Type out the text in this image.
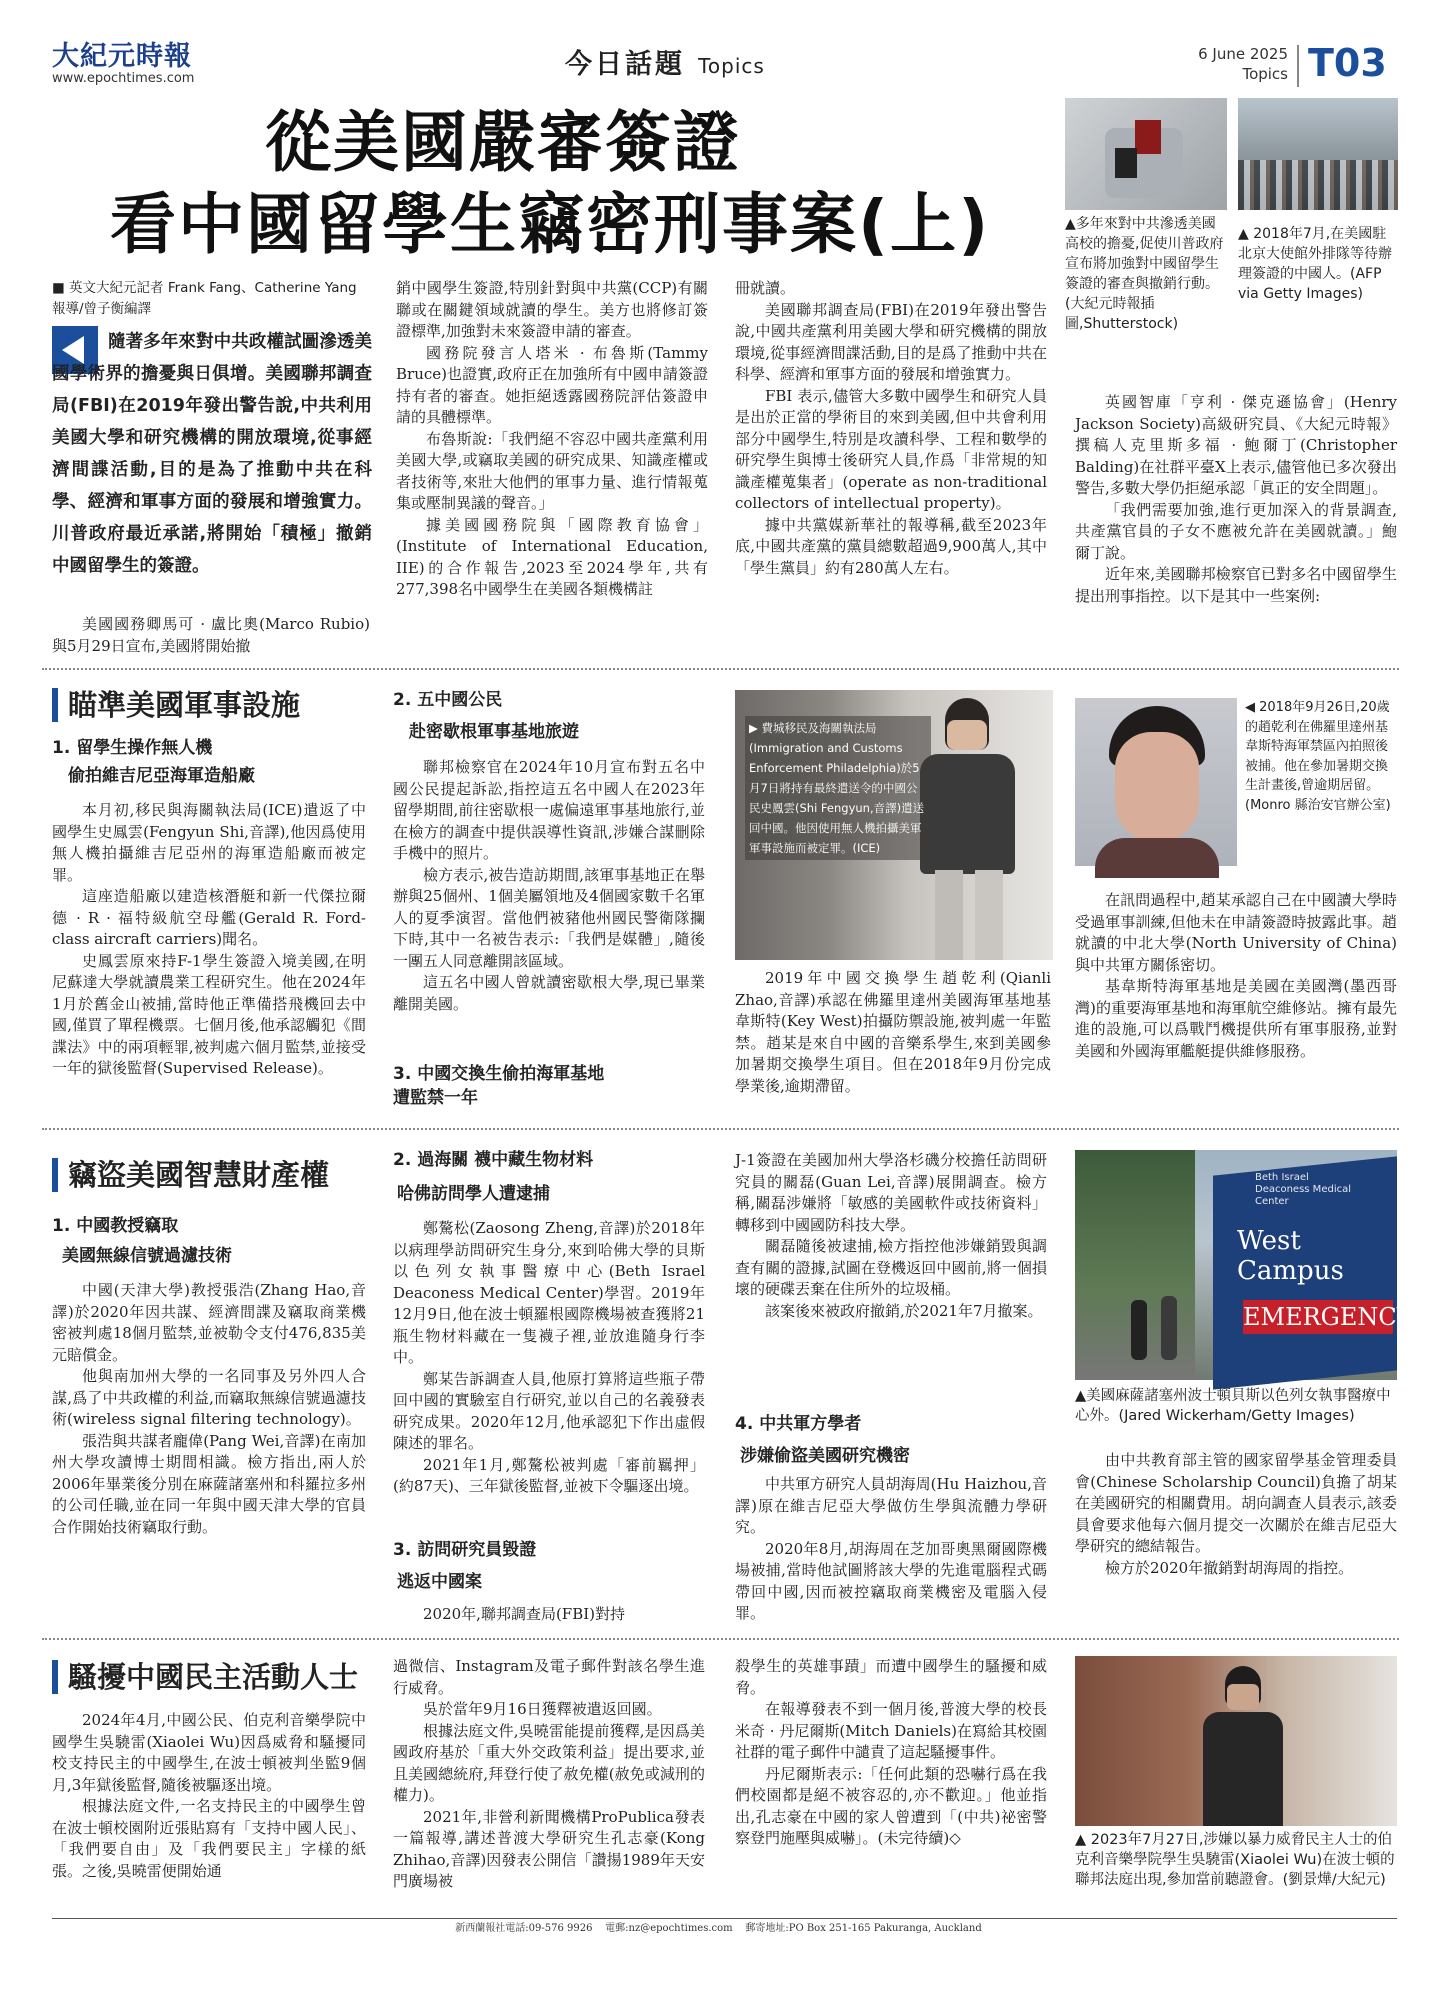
大紀元時報
www.epochtimes.com	今日話題 Topics	6 June 2025
Topics T03
從美國嚴審簽證
看中國留學生竊密刑事案(上)	▲多年來對中共滲透美國高校的擔憂,促使川普政府宣布將加強對中國留學生簽證的審查與撤銷行動。(大紀元時報插圖,Shutterstock)
▲ 2018年7月,在美國駐北京大使館外排隊等待辦理簽證的中國人。(AFP via Getty Images)
■ 英文大紀元記者 Frank Fang、Catherine Yang 報導/曾子衡編譯
隨著多年來對中共政權試圖滲透美國學術界的擔憂與日俱增。美國聯邦調查局(FBI)在2019年發出警告說,中共利用美國大學和研究機構的開放環境,從事經濟間諜活動,目的是為了推動中共在科學、經濟和軍事方面的發展和增強實力。川普政府最近承諾,將開始「積極」撤銷中國留學生的簽證。

美國國務卿馬可 · 盧比奧(Marco Rubio)與5月29日宣布,美國將開始撤

銷中國學生簽證,特別針對與中共黨(CCP)有關聯或在關鍵領域就讀的學生。美方也將修訂簽證標準,加強對未來簽證申請的審查。

國務院發言人塔米 · 布魯斯(Tammy Bruce)也證實,政府正在加強所有中國申請簽證持有者的審查。她拒絕透露國務院評估簽證申請的具體標準。

布魯斯說:「我們絕不容忍中國共產黨利用美國大學,或竊取美國的研究成果、知識產權或者技術等,來壯大他們的軍事力量、進行情報蒐集或壓制異議的聲音。」

據美國國務院與「國際教育協會」(Institute of International Education, IIE)的合作報告,2023至2024學年,共有277,398名中國學生在美國各類機構註

冊就讀。

美國聯邦調查局(FBI)在2019年發出警告說,中國共產黨利用美國大學和研究機構的開放環境,從事經濟間諜活動,目的是爲了推動中共在科學、經濟和軍事方面的發展和增強實力。

FBI 表示,儘管大多數中國學生和研究人員是出於正當的學術目的來到美國,但中共會利用部分中國學生,特別是攻讀科學、工程和數學的研究學生與博士後研究人員,作爲「非常規的知識產權蒐集者」(operate as non-traditional collectors of intellectual property)。

據中共黨媒新華社的報導稱,截至2023年底,中國共產黨的黨員總數超過9,900萬人,其中「學生黨員」約有280萬人左右。

英國智庫「亨利 · 傑克遜協會」(Henry Jackson Society)高級研究員、《大紀元時報》撰稿人克里斯多福 · 鮑爾丁(Christopher Balding)在社群平臺X上表示,儘管他已多次發出警告,多數大學仍拒絕承認「眞正的安全問題」。

「我們需要加強,進行更加深入的背景調查,共產黨官員的子女不應被允許在美國就讀。」鮑爾丁說。

近年來,美國聯邦檢察官已對多名中國留學生提出刑事指控。以下是其中一些案例:

瞄準美國軍事設施
1. 留學生操作無人機
偷拍維吉尼亞海軍造船廠

本月初,移民與海關執法局(ICE)遣返了中國學生史鳳雲(Fengyun Shi,音譯),他因爲使用無人機拍攝維吉尼亞州的海軍造船廠而被定罪。

這座造船廠以建造核潛艇和新一代傑拉爾德 · R · 福特級航空母艦(Gerald R. Ford-class aircraft carriers)聞名。

史鳳雲原來持F-1學生簽證入境美國,在明尼蘇達大學就讀農業工程研究生。他在2024年1月於舊金山被捕,當時他正準備搭飛機回去中國,僅買了單程機票。七個月後,他承認觸犯《間諜法》中的兩項輕罪,被判處六個月監禁,並接受一年的獄後監督(Supervised Release)。

2. 五中國公民
赴密歇根軍事基地旅遊

聯邦檢察官在2024年10月宣布對五名中國公民提起訴訟,指控這五名中國人在2023年留學期間,前往密歇根一處偏遠軍事基地旅行,並在檢方的調查中提供誤導性資訊,涉嫌合謀刪除手機中的照片。

檢方表示,被告造訪期間,該軍事基地正在舉辦與25個州、1個美屬領地及4個國家數千名軍人的夏季演習。當他們被豬他州國民警衛隊攔下時,其中一名被告表示:「我們是媒體」,隨後一團五人同意離開該區域。

這五名中國人曾就讀密歇根大學,現已畢業離開美國。

3. 中國交換生偷拍海軍基地
遭監禁一年
▶ 費城移民及海關執法局(Immigration and Customs Enforcement Philadelphia)於5月7日將持有最終遣送令的中國公民史鳳雲(Shi Fengyun,音譯)遣送回中國。他因使用無人機拍攝美軍軍事設施而被定罪。(ICE)

2019年中國交換學生趙乾利(Qianli Zhao,音譯)承認在佛羅里達州美國海軍基地基韋斯特(Key West)拍攝防禦設施,被判處一年監禁。趙某是來自中國的音樂系學生,來到美國參加暑期交換學生項目。但在2018年9月份完成學業後,逾期滯留。

◀ 2018年9月26日,20歲的趙乾利在佛羅里達州基韋斯特海軍禁區內拍照後被捕。他在參加暑期交換生計畫後,曾逾期居留。(Monro 縣治安官辦公室)

在訊問過程中,趙某承認自己在中國讀大學時受過軍事訓練,但他未在申請簽證時披露此事。趙就讀的中北大學(North University of China)與中共軍方關係密切。

基韋斯特海軍基地是美國在美國灣(墨西哥灣)的重要海軍基地和海軍航空維修站。擁有最先進的設施,可以爲戰鬥機提供所有軍事服務,並對美國和外國海軍艦艇提供維修服務。

竊盜美國智慧財產權
1. 中國教授竊取
美國無線信號過濾技術

中國(天津大學)教授張浩(Zhang Hao,音譯)於2020年因共謀、經濟間諜及竊取商業機密被判處18個月監禁,並被勒令支付476,835美元賠償金。

他與南加州大學的一名同事及另外四人合謀,爲了中共政權的利益,而竊取無線信號過濾技術(wireless signal filtering technology)。

張浩與共謀者龐偉(Pang Wei,音譯)在南加州大學攻讀博士期間相識。檢方指出,兩人於2006年畢業後分別在麻薩諸塞州和科羅拉多州的公司任職,並在同一年與中國天津大學的官員合作開始技術竊取行動。

2. 過海關 襪中藏生物材料
哈佛訪問學人遭逮捕

鄭驁松(Zaosong Zheng,音譯)於2018年以病理學訪問研究生身分,來到哈佛大學的貝斯以色列女執事醫療中心(Beth Israel Deaconess Medical Center)學習。2019年12月9日,他在波士頓羅根國際機場被查獲將21瓶生物材料藏在一隻襪子裡,並放進隨身行李中。

鄭某告訴調查人員,他原打算將這些瓶子帶回中國的實驗室自行研究,並以自己的名義發表研究成果。2020年12月,他承認犯下作出虛假陳述的罪名。

2021年1月,鄭驁松被判處「審前羈押」(約87天)、三年獄後監督,並被下令驅逐出境。

3. 訪問研究員毀證
逃返中國案

2020年,聯邦調查局(FBI)對持

J-1簽證在美國加州大學洛杉磯分校擔任訪問研究員的關磊(Guan Lei,音譯)展開調查。檢方稱,關磊涉嫌將「敏感的美國軟件或技術資料」轉移到中國國防科技大學。

關磊隨後被逮捕,檢方指控他涉嫌銷毀與調查有關的證據,試圖在登機返回中國前,將一個損壞的硬碟丟棄在住所外的垃圾桶。

該案後來被政府撤銷,於2021年7月撤案。

4. 中共軍方學者
涉嫌偷盜美國研究機密

中共軍方研究人員胡海周(Hu Haizhou,音譯)原在維吉尼亞大學做仿生學與流體力學研究。

2020年8月,胡海周在芝加哥奧黑爾國際機場被捕,當時他試圖將該大學的先進電腦程式碼帶回中國,因而被控竊取商業機密及電腦入侵罪。

Beth Israel Deaconess Medical Center
West
Campus
EMERGENCY
▲美國麻薩諸塞州波士頓貝斯以色列女執事醫療中心外。(Jared Wickerham/Getty Images)

由中共教育部主管的國家留學基金管理委員會(Chinese Scholarship Council)負擔了胡某在美國研究的相關費用。胡向調查人員表示,該委員會要求他每六個月提交一次關於在維吉尼亞大學研究的總結報告。

檢方於2020年撤銷對胡海周的指控。

騷擾中國民主活動人士

2024年4月,中國公民、伯克利音樂學院中國學生吳驍雷(Xiaolei Wu)因爲威脅和騷擾同校支持民主的中國學生,在波士頓被判坐監9個月,3年獄後監督,隨後被驅逐出境。

根據法庭文件,一名支持民主的中國學生曾在波士頓校園附近張貼寫有「支持中國人民」、「我們要自由」及「我們要民主」字樣的紙張。之後,吳曉雷便開始通

過微信、Instagram及電子郵件對該名學生進行威脅。

吳於當年9月16日獲釋被遣返回國。

根據法庭文件,吳曉雷能提前獲釋,是因爲美國政府基於「重大外交政策利益」提出要求,並且美國總統府,拜登行使了赦免權(赦免或減刑的權力)。

2021年,非營利新聞機構ProPublica發表一篇報導,講述普渡大學研究生孔志豪(Kong Zhihao,音譯)因發表公開信「讚揚1989年天安門廣場被

殺學生的英雄事蹟」而遭中國學生的騷擾和威脅。

在報導發表不到一個月後,普渡大學的校長米奇 · 丹尼爾斯(Mitch Daniels)在寫給其校園社群的電子郵件中譴責了這起騷擾事件。

丹尼爾斯表示:「任何此類的恐嚇行爲在我們校園都是絕不被容忍的,亦不歡迎。」他並指出,孔志豪在中國的家人曾遭到「(中共)祕密警察登門施壓與威嚇」。(未完待續)◇	▲ 2023年7月27日,涉嫌以暴力威脅民主人士的伯克利音樂學院學生吳驍雷(Xiaolei Wu)在波士頓的聯邦法庭出現,參加當前聽證會。(劉景燁/大紀元)
新西蘭報社電話:09-576 9926    電郵:nz@epochtimes.com    郵寄地址:PO Box 251-165 Pakuranga, Auckland
